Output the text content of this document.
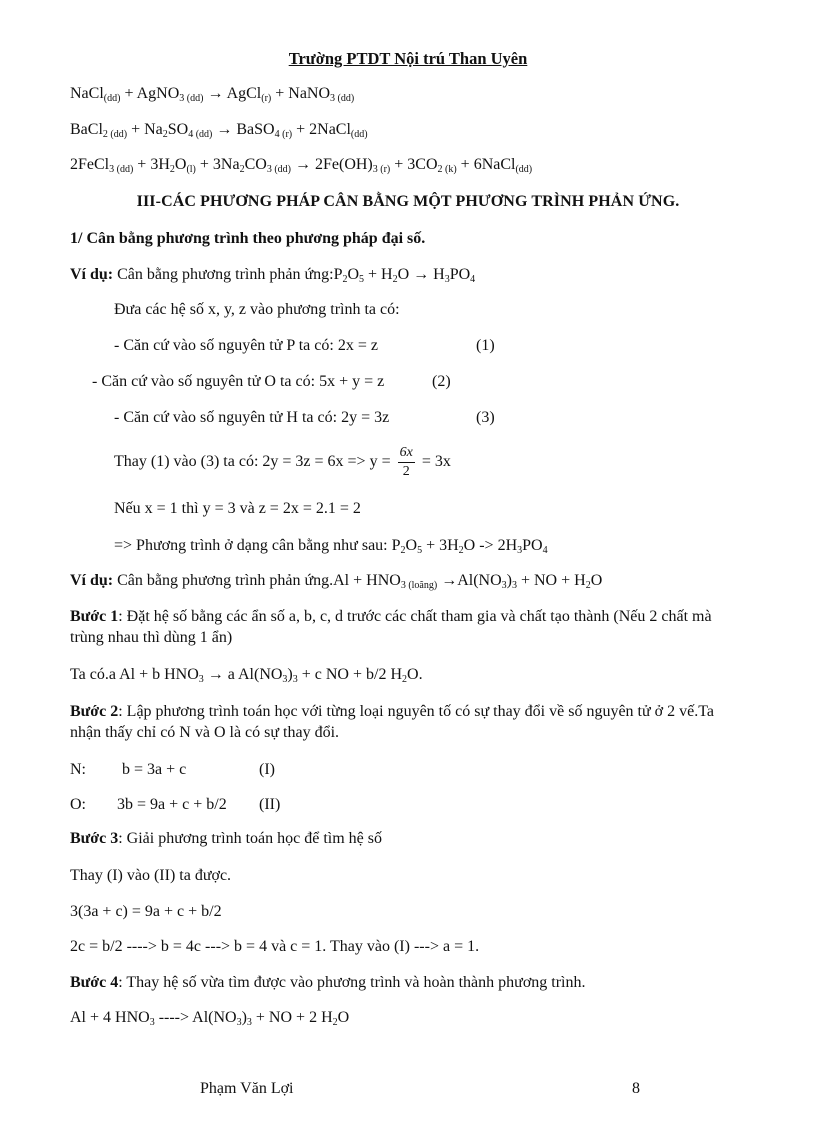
Trường PTDT Nội trú Than Uyên
NaCl$_{(dd)}$ + AgNO$_{3 (dd)}$ → AgCl$_{(r)}$ + NaNO$_{3 (dd)}$
BaCl$_{2 (dd)}$ + $Na_2SO_{4 (dd)}$ → BaSO$_{4 (r)}$ + 2NaCl$_{(dd)}$
2FeCl$_{3 (dd)}$ + $3H_2O_{(l)} + 3Na_2CO_{3 (dd)} \to 2Fe(OH)_{3 (r)} + 3CO_{2 (k)}$ + 6NaCl$_{(dd)}$
III-CÁC PHƯƠNG PHÁP CÂN BẰNG MỘT PHƯƠNG TRÌNH PHẢN ỨNG.
1/ Cân bằng phương trình theo phương pháp đại số.
Ví dụ: Cân bằng phương trình phản $ứng:P_2O_5 + H_2O \to H_3PO_4$
Đưa các hệ số x, y, z vào phương trình ta có:
- Căn cứ vào số nguyên tử P ta có: 2x = z	(1)
- Căn cứ vào số nguyên tử O ta có: 5x + y = z	(2)
- Căn cứ vào số nguyên tử H ta có: 2y = 3z	(3)
Thay (1) vào (3) ta có: $2y = 3z = 6x => y = \frac{6x}{2} = 3x$
Nếu x = 1 thì y = 3 và z = 2x = 2.1 = 2
=> Phương trình ở dạng cân bằng như sau: $P_2O_5 + 3H_2O -> 2H_3PO_4$
Ví dụ: Cân bằng phương trình phản ứng.Al + $HNO_{3 (loãng)} \to Al(NO_3)_3$ + NO + $H_2O$
Bước 1: Đặt hệ số bằng các ẩn số a, b, c, d trước các chất tham gia và chất tạo thành (Nếu 2 chất mà trùng nhau thì dùng 1 ẩn)
Ta có.a Al + b $HNO_3 \to a$ $Al(NO_3)_3 + c$ NO + b/2 $H_2O$.
Bước 2: Lập phương trình toán học với từng loại nguyên tố có sự thay đổi về số nguyên tử ở 2 vế.Ta nhận thấy chỉ có N và O là có sự thay đổi.
N: b = 3a + c	(I)
O: 3b = 9a + c + b/2 (II)
Bước 3: Giải phương trình toán học để tìm hệ số
Thay (I) vào (II) ta được.
3(3a + c) = 9a + c + b/2
2c = b/2 ----> b = 4c ---> b = 4 và c = 1. Thay vào (I) ---> a = 1.
Bước 4: Thay hệ số vừa tìm được vào phương trình và hoàn thành phương trình.
Al + 4 $HNO_3$ ----> $Al(NO_3)_3$ + NO + 2 $H_2O$
Phạm Văn Lợi	8
